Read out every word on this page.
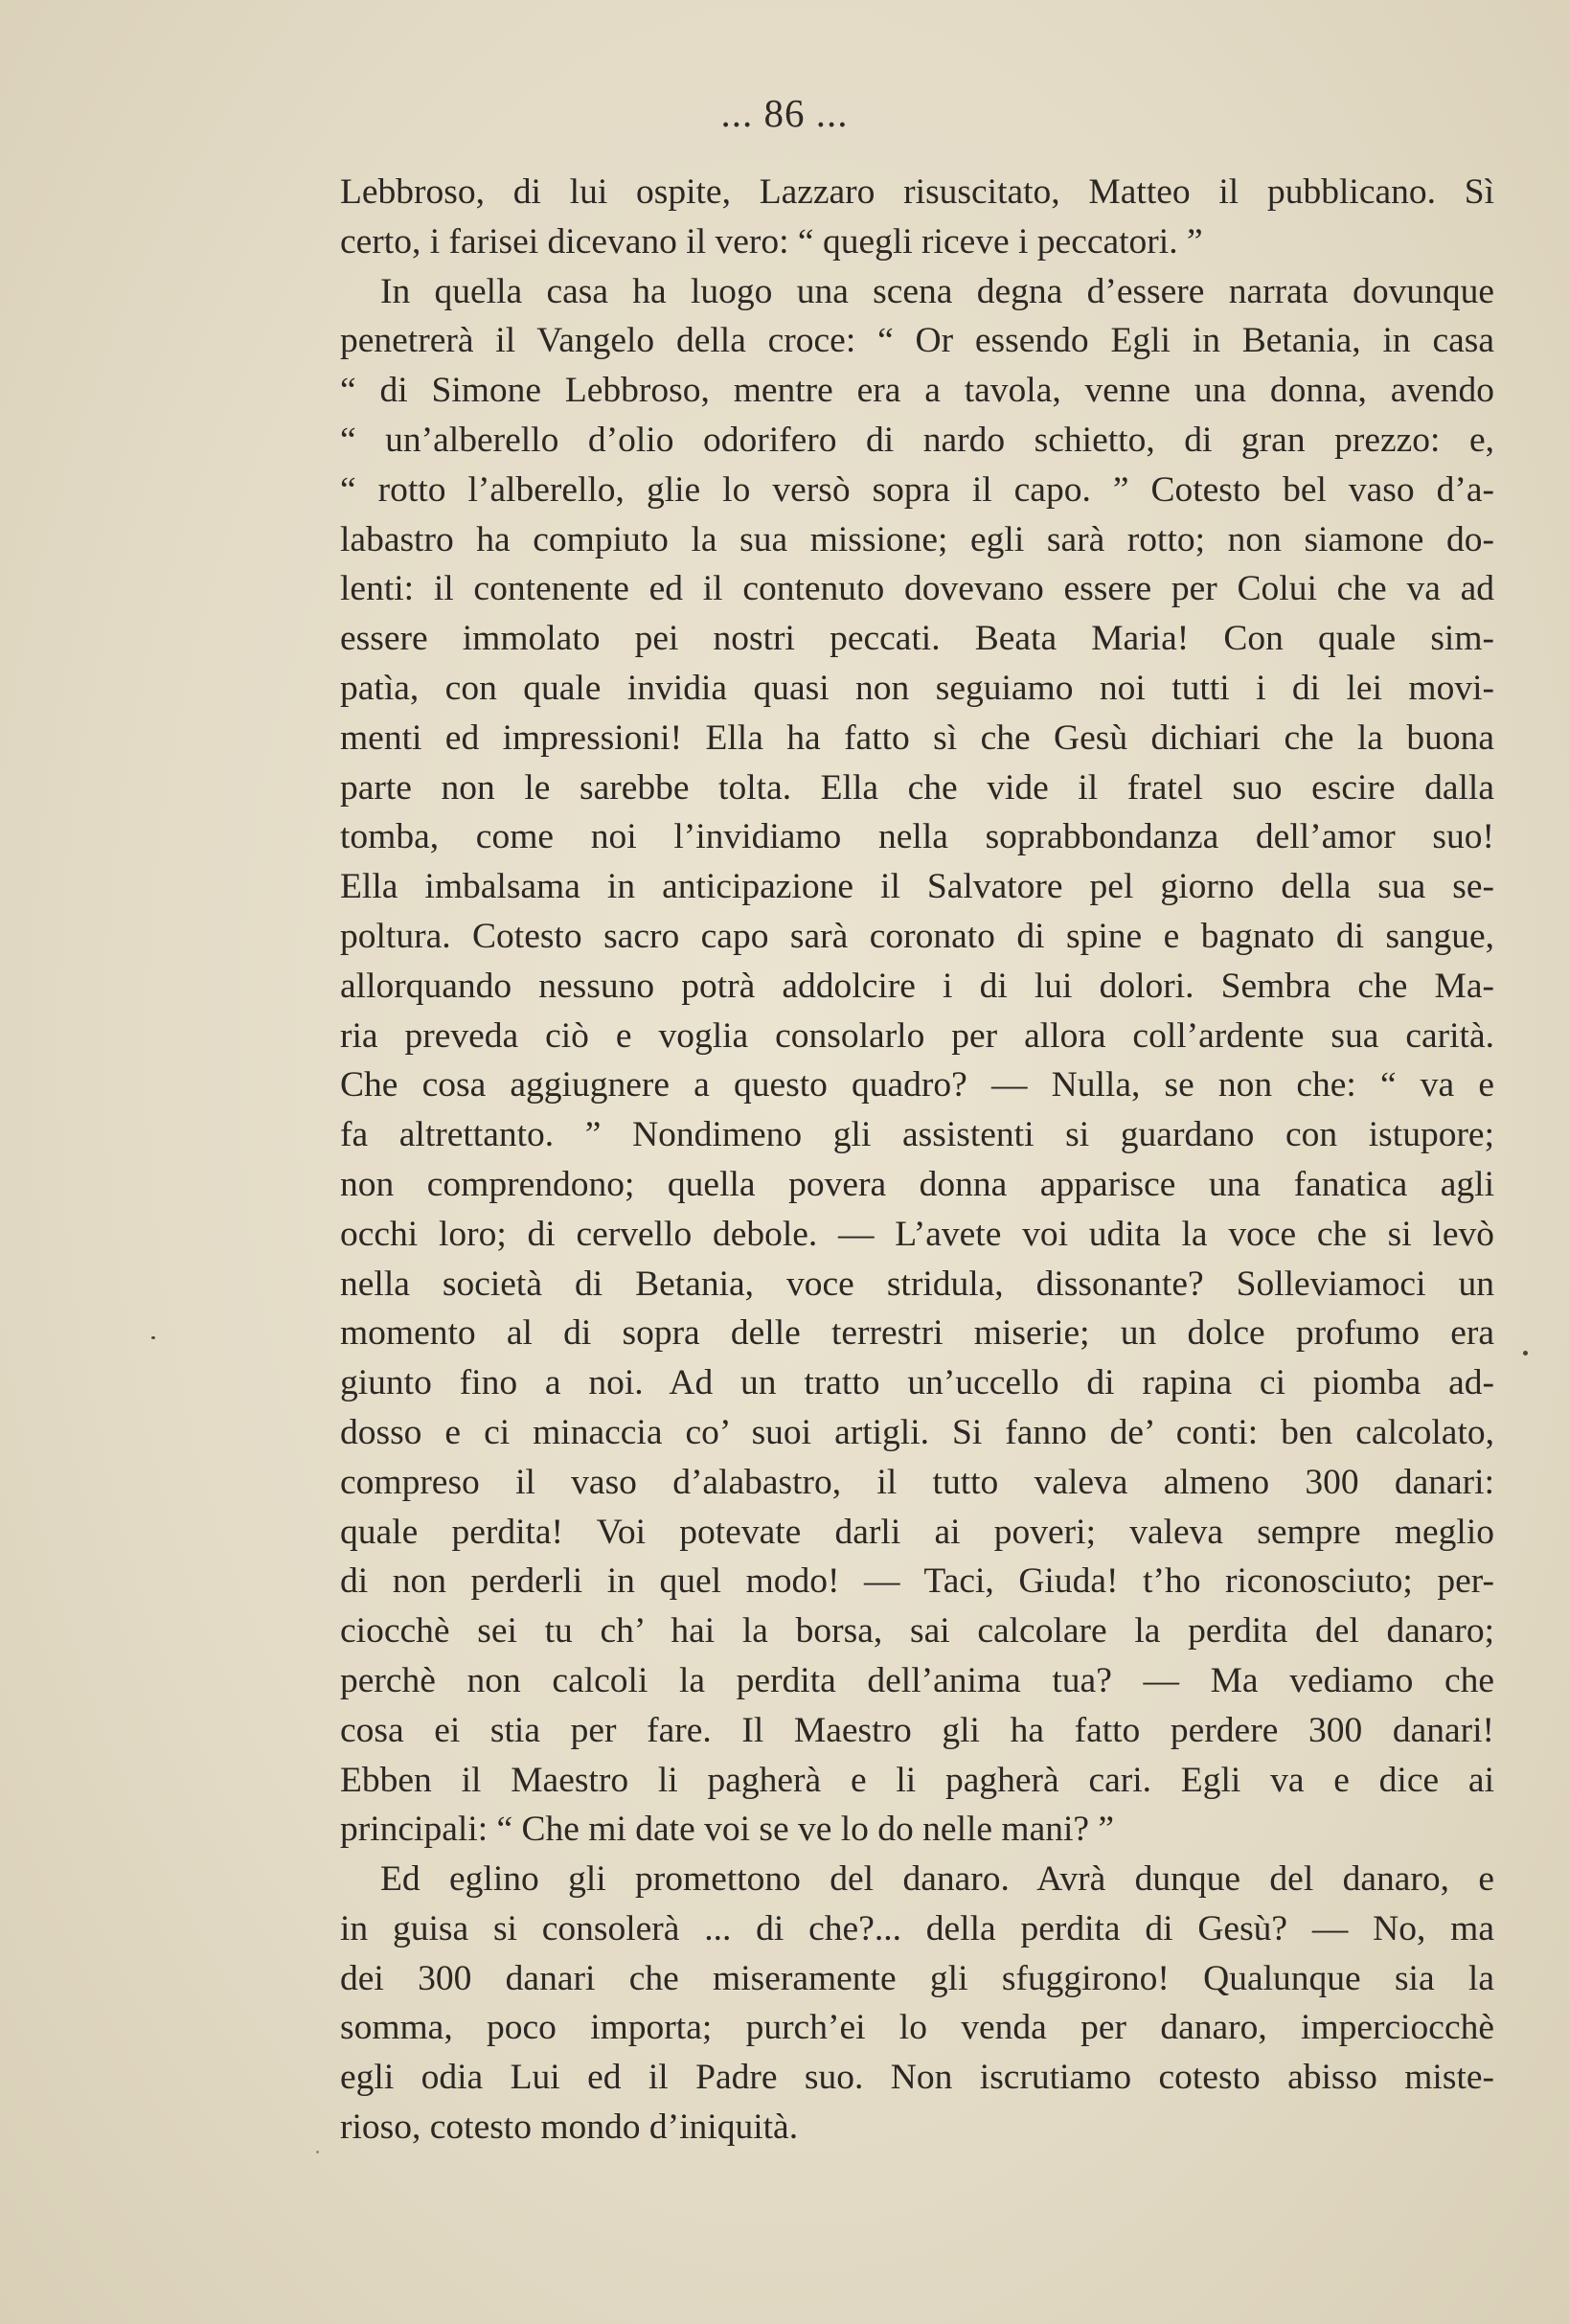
... 86 ...
Lebbroso, di lui ospite, Lazzaro risuscitato, Matteo il pubblicano. Sì
certo, i farisei dicevano il vero: “ quegli riceve i peccatori. ”
In quella casa ha luogo una scena degna d’essere narrata dovunque
penetrerà il Vangelo della croce: “ Or essendo Egli in Betania, in casa
“ di Simone Lebbroso, mentre era a tavola, venne una donna, avendo
“ un’alberello d’olio odorifero di nardo schietto, di gran prezzo: e,
“ rotto l’alberello, glie lo versò sopra il capo. ” Cotesto bel vaso d’a-
labastro ha compiuto la sua missione; egli sarà rotto; non siamone do-
lenti: il contenente ed il contenuto dovevano essere per Colui che va ad
essere immolato pei nostri peccati. Beata Maria! Con quale sim-
patìa, con quale invidia quasi non seguiamo noi tutti i di lei movi-
menti ed impressioni! Ella ha fatto sì che Gesù dichiari che la buona
parte non le sarebbe tolta. Ella che vide il fratel suo escire dalla
tomba, come noi l’invidiamo nella soprabbondanza dell’amor suo!
Ella imbalsama in anticipazione il Salvatore pel giorno della sua se-
poltura. Cotesto sacro capo sarà coronato di spine e bagnato di sangue,
allorquando nessuno potrà addolcire i di lui dolori. Sembra che Ma-
ria preveda ciò e voglia consolarlo per allora coll’ardente sua carità.
Che cosa aggiugnere a questo quadro? — Nulla, se non che: “ va e
fa altrettanto. ” Nondimeno gli assistenti si guardano con istupore;
non comprendono; quella povera donna apparisce una fanatica agli
occhi loro; di cervello debole. — L’avete voi udita la voce che si levò
nella società di Betania, voce stridula, dissonante? Solleviamoci un
momento al di sopra delle terrestri miserie; un dolce profumo era
giunto fino a noi. Ad un tratto un’uccello di rapina ci piomba ad-
dosso e ci minaccia co’ suoi artigli. Si fanno de’ conti: ben calcolato,
compreso il vaso d’alabastro, il tutto valeva almeno 300 danari:
quale perdita! Voi potevate darli ai poveri; valeva sempre meglio
di non perderli in quel modo! — Taci, Giuda! t’ho riconosciuto; per-
ciocchè sei tu ch’ hai la borsa, sai calcolare la perdita del danaro;
perchè non calcoli la perdita dell’anima tua? — Ma vediamo che
cosa ei stia per fare. Il Maestro gli ha fatto perdere 300 danari!
Ebben il Maestro li pagherà e li pagherà cari. Egli va e dice ai
principali: “ Che mi date voi se ve lo do nelle mani? ”
Ed eglino gli promettono del danaro. Avrà dunque del danaro, e
in guisa si consolerà ... di che?... della perdita di Gesù? — No, ma
dei 300 danari che miseramente gli sfuggirono! Qualunque sia la
somma, poco importa; purch’ei lo venda per danaro, imperciocchè
egli odia Lui ed il Padre suo. Non iscrutiamo cotesto abisso miste-
rioso, cotesto mondo d’iniquità.
